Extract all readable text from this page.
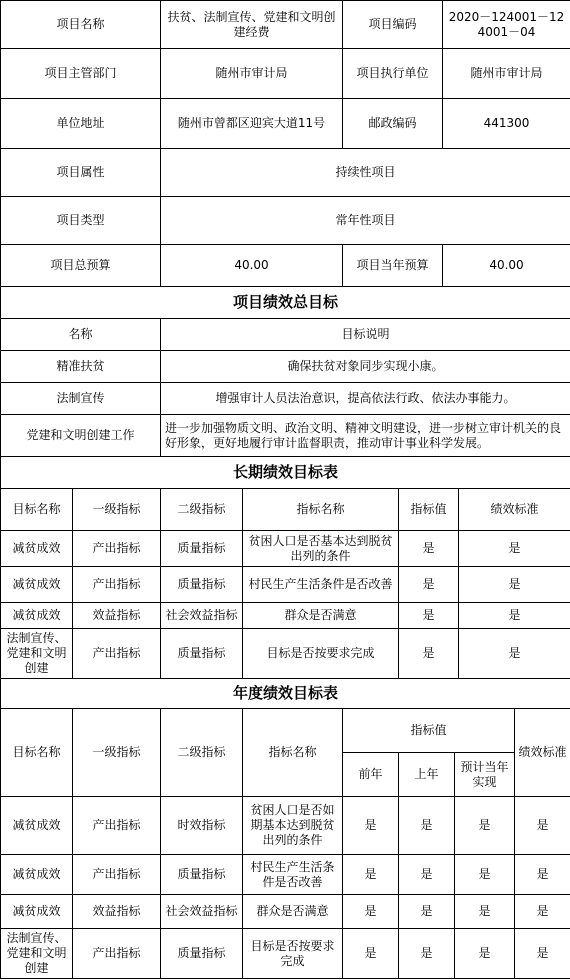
项目名称	扶贫、法制宣传、党建和文明创建经费	项目编码	2020－124001－124001－04
项目主管部门	随州市审计局	项目执行单位	随州市审计局
单位地址	随州市曾都区迎宾大道11号	邮政编码	441300
项目属性	持续性项目		
项目类型	常年性项目		
项目总预算	40.00	项目当年预算	40.00
项目绩效总目标	
名称	目标说明
精准扶贫	确保扶贫对象同步实现小康。
法制宣传	增强审计人员法治意识，提高依法行政、依法办事能力。
党建和文明创建工作	进一步加强物质文明、政治文明、精神文明建设，进一步树立审计机关的良好形象，更好地履行审计监督职责，推动审计事业科学发展。
长期绩效目标表					
目标名称	一级指标	二级指标	指标名称	指标值	绩效标准
减贫成效	产出指标	质量指标	贫困人口是否基本达到脱贫出列的条件	是	是
减贫成效	产出指标	质量指标	村民生产生活条件是否改善	是	是
减贫成效	效益指标	社会效益指标	群众是否满意	是	是
法制宣传、党建和文明创建	产出指标	质量指标	目标是否按要求完成	是	是
年度绩效目标表							
目标名称	一级指标	二级指标	指标名称	指标值			绩效标准
				前年	上年	预计当年实现	
减贫成效	产出指标	时效指标	贫困人口是否如期基本达到脱贫出列的条件	是	是	是	是
减贫成效	产出指标	质量指标	村民生产生活条件是否改善	是	是	是	是
减贫成效	效益指标	社会效益指标	群众是否满意	是	是	是	是
法制宣传、党建和文明创建	产出指标	质量指标	目标是否按要求完成	是	是	是	是
